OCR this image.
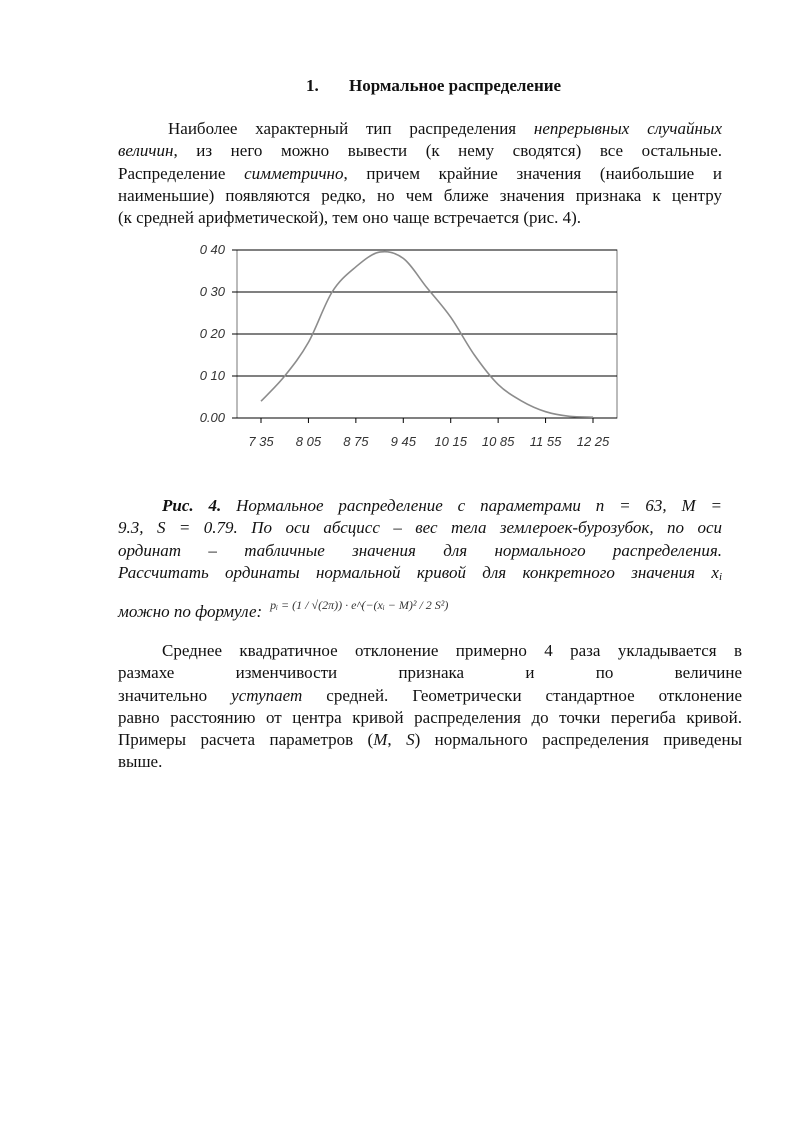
1. Нормальное распределение
Наиболее характерный тип распределения непрерывных случайных
величин, из него можно вывести (к нему сводятся) все остальные.
Распределение симметрично, причем крайние значения (наибольшие и
наименьшие) появляются редко, но чем ближе значения признака к центру
(к средней арифметической), тем оно чаще встречается (рис. 4).
0 40
0 30
0 20
0 10
0.00
7 35 8 05 8 75 9 45 10 15 10 85 11 55 12 25
Рис. 4. Нормальное распределение с параметрами n = 63, M =
9.3, S = 0.79. По оси абсцисс – вес тела землероек-бурозубок, по оси
ординат – табличные значения для нормального распределения.
Рассчитать ординаты нормальной кривой для конкретного значения xi
можно по формуле: $^{pᵢ = (1 / √(2\pi)) \cdot e\^{}(-(xᵢ - M)^2 / 2 S^2)}$
Среднее квадратичное отклонение примерно 4 раза укладывается в
размахе изменчивости признака и по величине
значительно уступает средней. Геометрически стандартное отклонение
равно расстоянию от центра кривой распределения до точки перегиба кривой.
Примеры расчета параметров (M, S) нормального распределения приведены
выше.
